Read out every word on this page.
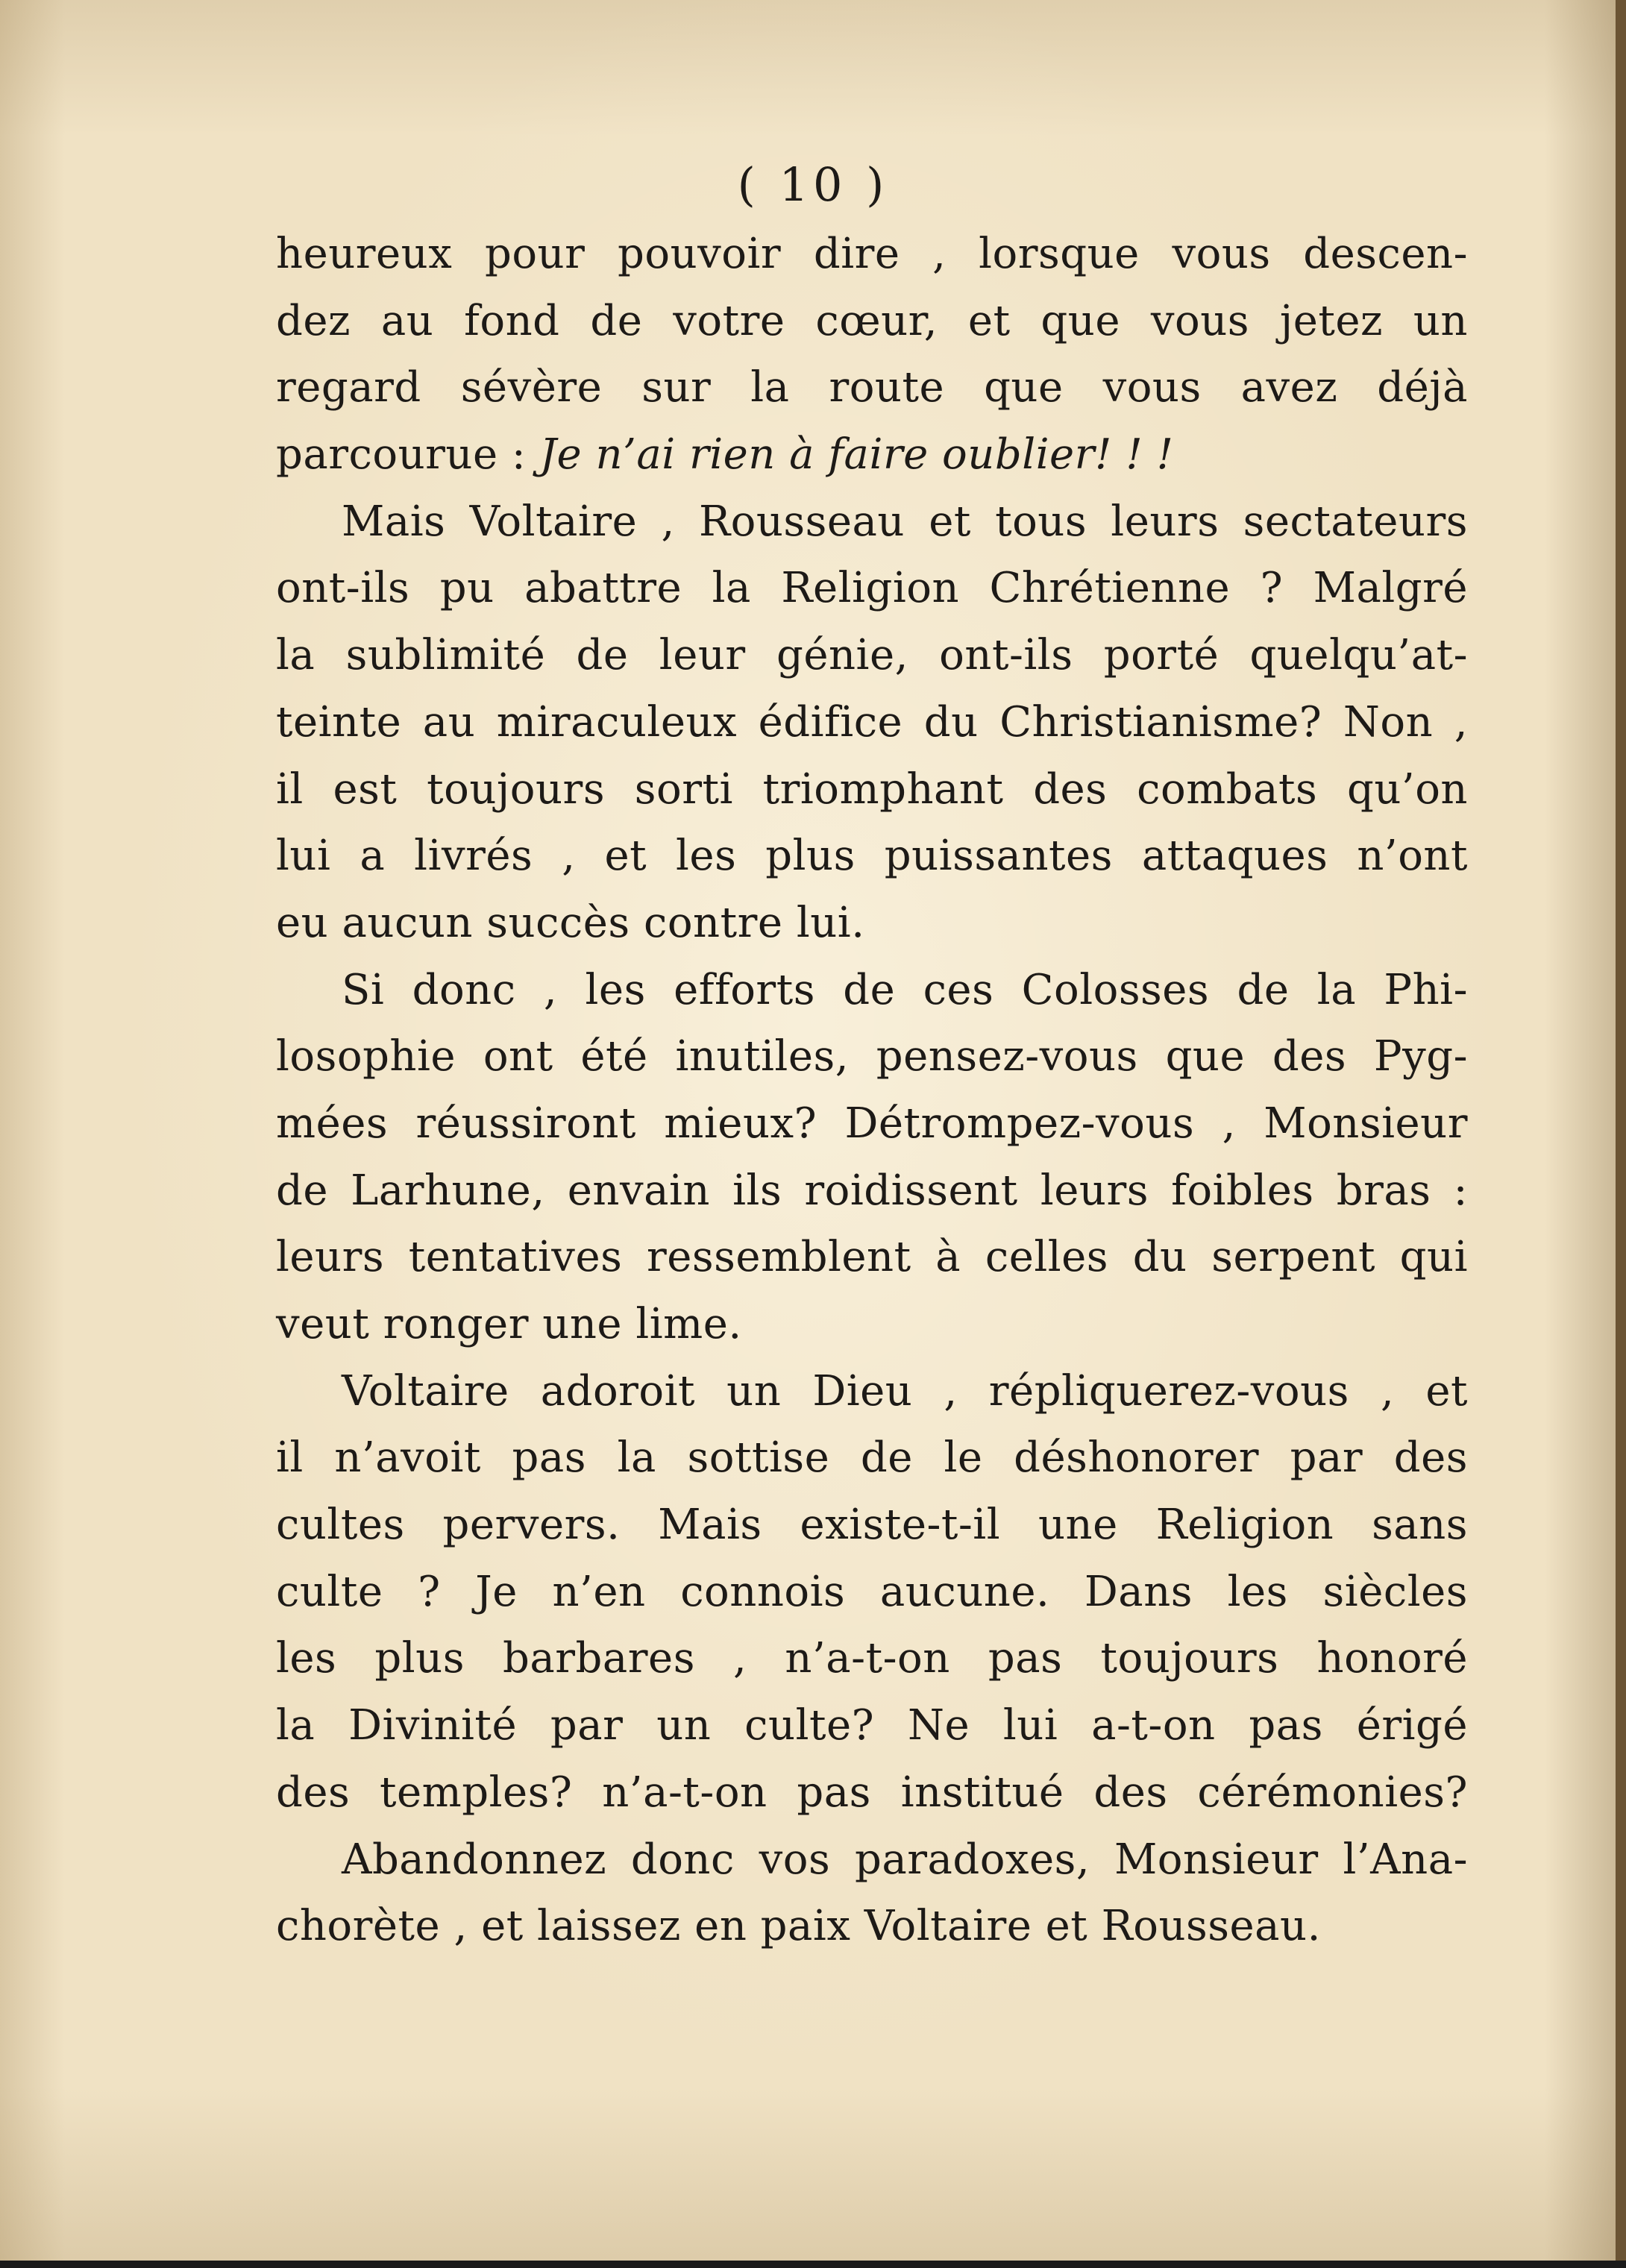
( 10 )
heureux pour pouvoir dire , lorsque vous descen-
dez au fond de votre cœur, et que vous jetez un
regard sévère sur la route que vous avez déjà
parcourue : Je n’ai rien à faire oublier! ! !
Mais Voltaire , Rousseau et tous leurs sectateurs
ont-ils pu abattre la Religion Chrétienne ? Malgré
la sublimité de leur génie, ont-ils porté quelqu’at-
teinte au miraculeux édifice du Christianisme? Non ,
il est toujours sorti triomphant des combats qu’on
lui a livrés , et les plus puissantes attaques n’ont
eu aucun succès contre lui.
Si donc , les efforts de ces Colosses de la Phi-
losophie ont été inutiles, pensez-vous que des Pyg-
mées réussiront mieux? Détrompez-vous , Monsieur
de Larhune, envain ils roidissent leurs foibles bras :
leurs tentatives ressemblent à celles du serpent qui
veut ronger une lime.
Voltaire adoroit un Dieu , répliquerez-vous , et
il n’avoit pas la sottise de le déshonorer par des
cultes pervers. Mais existe-t-il une Religion sans
culte ? Je n’en connois aucune. Dans les siècles
les plus barbares , n’a-t-on pas toujours honoré
la Divinité par un culte? Ne lui a-t-on pas érigé
des temples? n’a-t-on pas institué des cérémonies?
Abandonnez donc vos paradoxes, Monsieur l’Ana-
chorète , et laissez en paix Voltaire et Rousseau.
